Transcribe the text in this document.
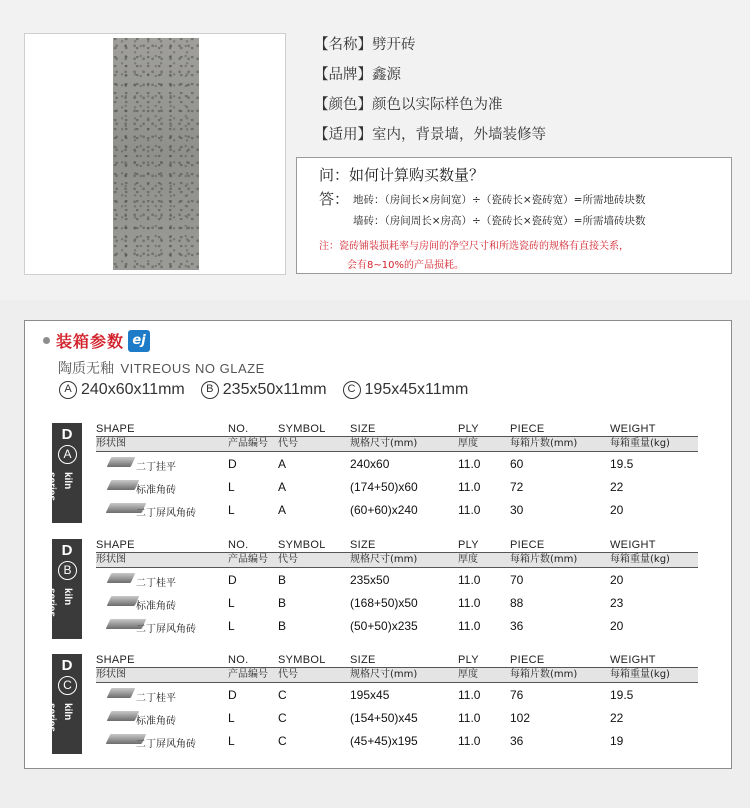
【名称】劈开砖
【品牌】鑫源
【颜色】颜色以实际样色为准
【适用】室内，背景墙，外墙装修等
问：如何计算购买数量？
答： 地砖：（房间长×房间宽）÷（瓷砖长×瓷砖宽）=所需地砖块数
墙砖：（房间周长×房高）÷（瓷砖长×瓷砖宽）=所需墙砖块数
注：瓷砖铺装损耗率与房间的净空尺寸和所选瓷砖的规格有直接关系，
会有8~10%的产品损耗。
装箱参数 ej
陶质无釉 VITREOUS NO GLAZE
A 240x60x11mm	B 235x50x11mm	C 195x45x11mm
D
A
kiln series
SHAPE	NO.	SYMBOL SIZE	PLY	PIECE	WEIGHT
形状图	产品编号 代号	规格尺寸(mm)	厚度	每箱片数(mm)	每箱重量(kg)
二丁挂平	D	A	240x60	11.0 60	19.5
标准角砖	L	A	(174+50)x60	11.0 72	22
二丁屏风角砖	L	A	(60+60)x240	11.0 30	20
D
B
kiln series
SHAPE	NO.	SYMBOL SIZE	PLY	PIECE	WEIGHT
形状图	产品编号 代号	规格尺寸(mm)	厚度	每箱片数(mm)	每箱重量(kg)
二丁桂平	D	B	235x50	11.0 70	20
标准角砖	L	B	(168+50)x50	11.0 88	23
二丁屏风角砖	L	B	(50+50)x235	11.0 36	20
D
C
kiln series
SHAPE	NO.	SYMBOL SIZE	PLY	PIECE	WEIGHT
形状图	产品编号 代号	规格尺寸(mm)	厚度	每箱片数(mm)	每箱重量(kg)
二丁桂平	D	C	195x45	11.0 76	19.5
标准角砖	L	C	(154+50)x45	11.0 102	22
二丁屏风角砖	L	C	(45+45)x195	11.0 36	19
